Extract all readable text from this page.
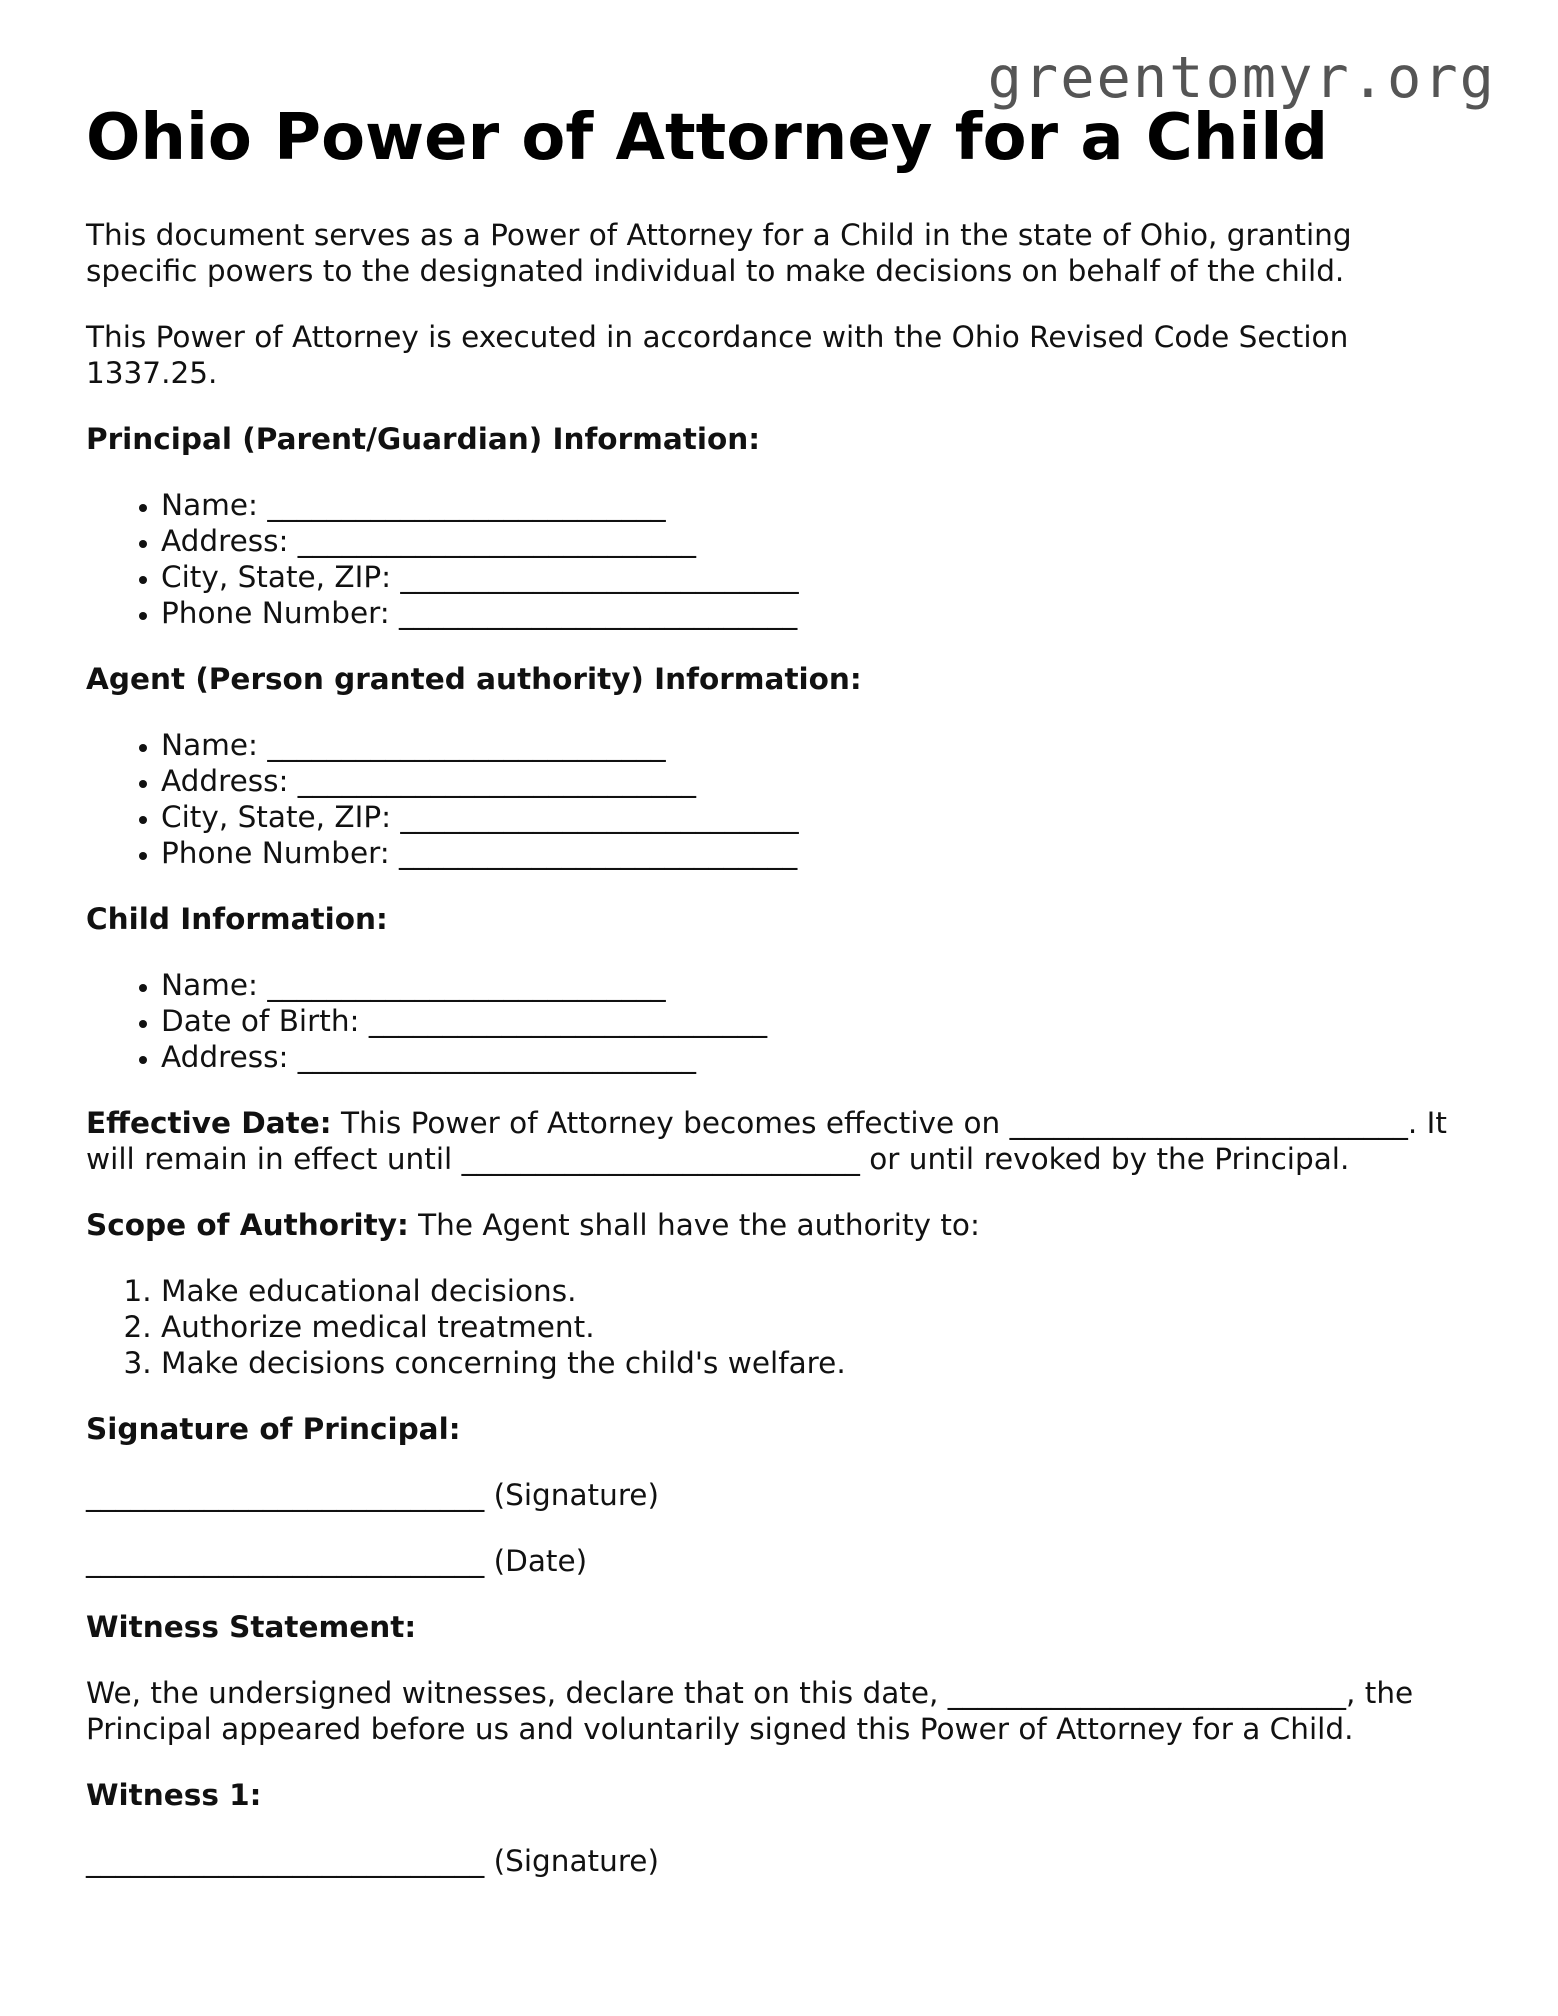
greentomyr.org
Ohio Power of Attorney for a Child

This document serves as a Power of Attorney for a Child in the state of Ohio, granting specific powers to the designated individual to make decisions on behalf of the child.

This Power of Attorney is executed in accordance with the Ohio Revised Code Section 1337.25.

Principal (Parent/Guardian) Information:

• Name: ___________________________
• Address: ___________________________
• City, State, ZIP: ___________________________
• Phone Number: ___________________________

Agent (Person granted authority) Information:

• Name: ___________________________
• Address: ___________________________
• City, State, ZIP: ___________________________
• Phone Number: ___________________________

Child Information:

• Name: ___________________________
• Date of Birth: ___________________________
• Address: ___________________________

Effective Date: This Power of Attorney becomes effective on ___________________________. It will remain in effect until ___________________________ or until revoked by the Principal.

Scope of Authority: The Agent shall have the authority to:

1. Make educational decisions.
2. Authorize medical treatment.
3. Make decisions concerning the child's welfare.

Signature of Principal:

___________________________ (Signature)

___________________________ (Date)

Witness Statement:

We, the undersigned witnesses, declare that on this date, ___________________________, the Principal appeared before us and voluntarily signed this Power of Attorney for a Child.

Witness 1:

___________________________ (Signature)
